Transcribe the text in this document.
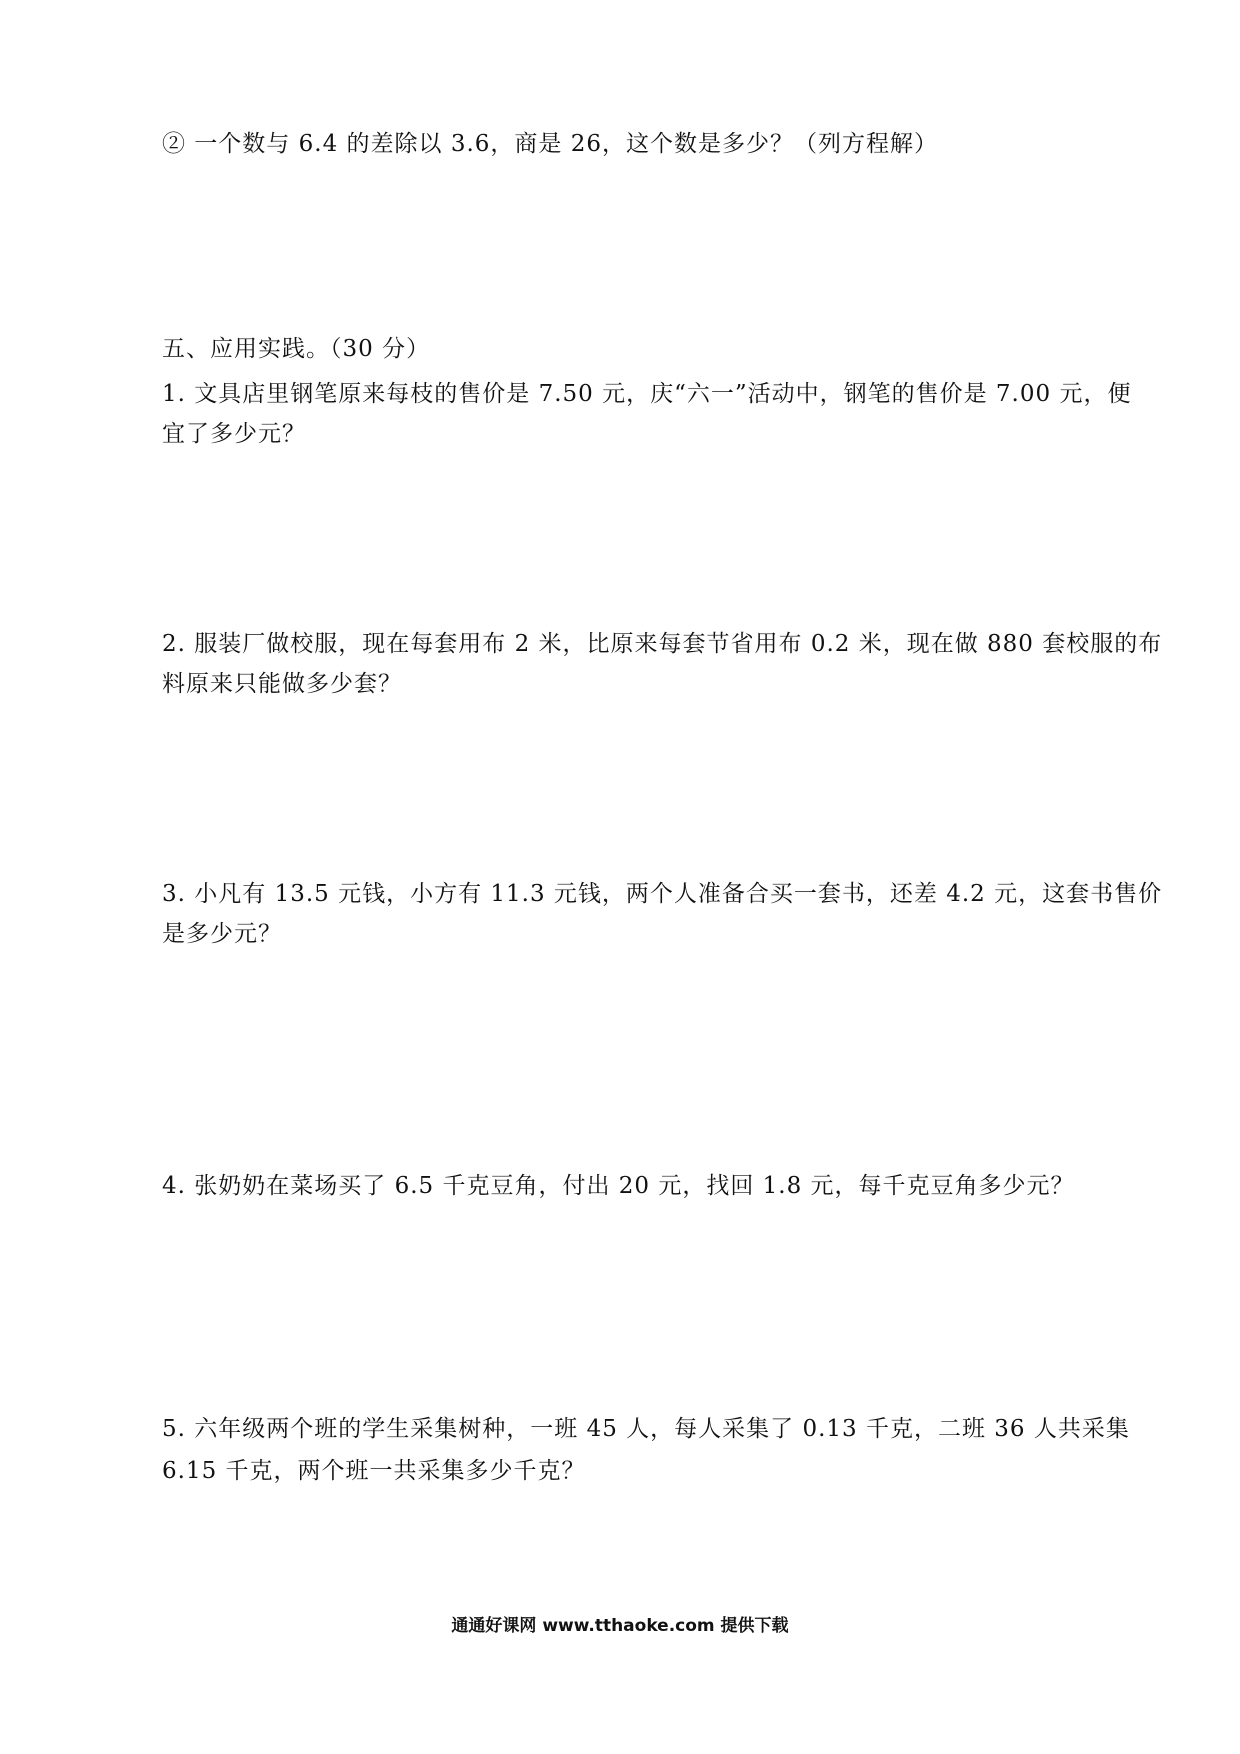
② 一个数与 6.4 的差除以 3.6，商是 26，这个数是多少？（列方程解）
五、应用实践。（30 分）
1. 文具店里钢笔原来每枝的售价是 7.50 元，庆“六一”活动中，钢笔的售价是 7.00 元，便
宜了多少元？
2. 服装厂做校服，现在每套用布 2 米，比原来每套节省用布 0.2 米，现在做 880 套校服的布
料原来只能做多少套？
3. 小凡有 13.5 元钱，小方有 11.3 元钱，两个人准备合买一套书，还差 4.2 元，这套书售价
是多少元？
4. 张奶奶在菜场买了 6.5 千克豆角，付出 20 元，找回 1.8 元，每千克豆角多少元？
5. 六年级两个班的学生采集树种，一班 45 人，每人采集了 0.13 千克，二班 36 人共采集
6.15 千克，两个班一共采集多少千克？
通通好课网 www.tthaoke.com 提供下载
